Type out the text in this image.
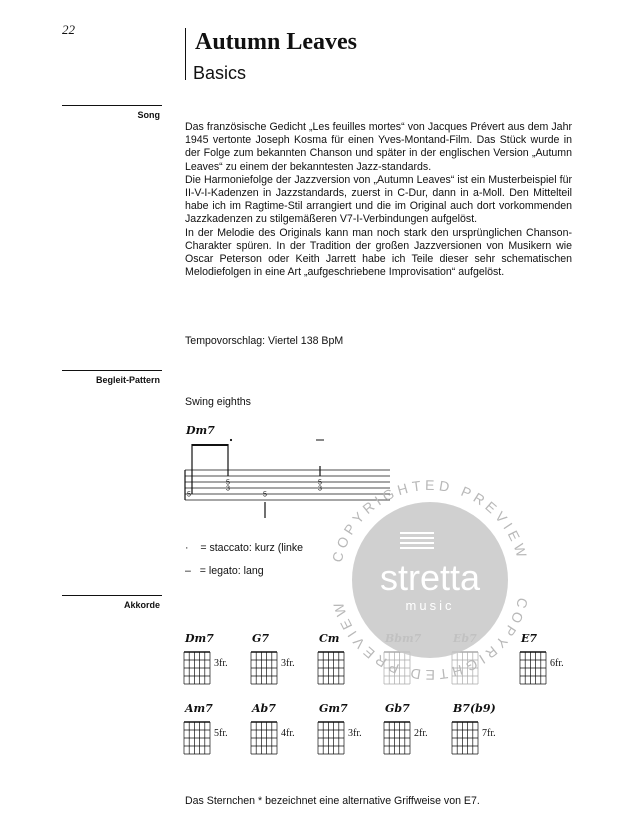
22	Autumn Leaves
Basics
Song

Das französische Gedicht „Les feuilles mortes“ von Jacques Prévert aus dem Jahr 1945 vertonte Joseph Kosma für einen Yves-Montand-Film. Das Stück wurde in der Folge zum bekannten Chanson und später in der englischen Version „Autumn Leaves“ zu einem der bekanntesten Jazz-standards.

Die Harmoniefolge der Jazzversion von „Autumn Leaves“ ist ein Musterbeispiel für II-V-I-Kadenzen in Jazzstandards, zuerst in C-Dur, dann in a-Moll. Den Mittelteil habe ich im Ragtime-Stil arrangiert und die im Original auch dort vorkommenden Jazzkadenzen zu stilgemäßeren V7-I-Verbindungen aufgelöst.

In der Melodie des Originals kann man noch stark den ursprünglichen Chanson-Charakter spüren. In der Tradition der großen Jazzversionen von Musikern wie Oscar Peterson oder Keith Jarrett habe ich Teile dieser sehr schematischen Melodiefolgen in eine Art „aufgeschriebene Improvisation“ aufgelöst.

Tempovorschlag: Viertel 138 BpM
Begleit-Pattern
Swing eighths
Dm7
5
5
3
5
5
3
· = staccato: kurz (linke
– = legato: lang
Akkorde
Dm7
3fr.
G7
3fr.
Cm	E7
6fr.
Am7
5fr.
Ab7
4fr.
Gm7
3fr.
Gb7
2fr.
B7(b9)
7fr.
Das Sternchen * bezeichnet eine alternative Griffweise von E7.
COPYRIGHTED PREVIEW
COPYRIGHTED PREVIEW
stretta
music
